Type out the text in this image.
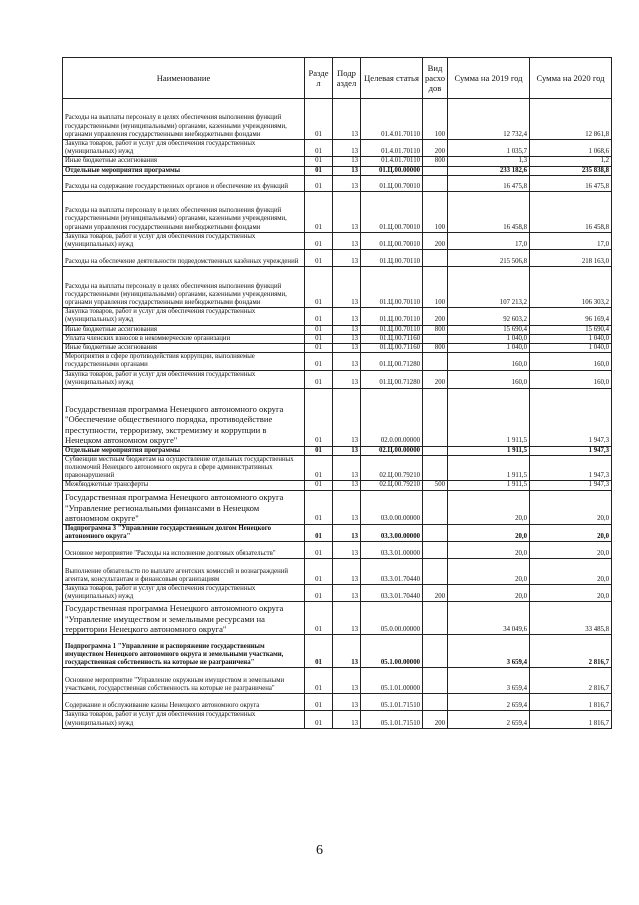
Наименование	Разде л	Подр аздел	Целевая статья	Вид расхо дов	Сумма на 2019 год	Сумма на 2020 год
Расходы на выплаты персоналу в целях обеспечения выполнения функций государственными (муниципальными) органами, казенными учреждениями, органами управления государственными внебюджетными фондами	01	13	01.4.01.70110	100	12 732,4	12 861,8
Закупка товаров, работ и услуг для обеспечения государственных (муниципальных) нужд	01	13	01.4.01.70110	200	1 035,7	1 068,6
Иные бюджетные ассигнования	01	13	01.4.01.70110	800	1,3	1,2
Отдельные мероприятия программы	01	13	01.Ц.00.00000		233 182,6	235 838,8
Расходы на содержание государственных органов и обеспечение их функций	01	13	01.Ц.00.70010		16 475,8	16 475,8
Расходы на выплаты персоналу в целях обеспечения выполнения функций государственными (муниципальными) органами, казенными учреждениями, органами управления государственными внебюджетными фондами	01	13	01.Ц.00.70010	100	16 458,8	16 458,8
Закупка товаров, работ и услуг для обеспечения государственных (муниципальных) нужд	01	13	01.Ц.00.70010	200	17,0	17,0
Расходы на обеспечение деятельности подведомственных казённых учреждений	01	13	01.Ц.00.70110		215 506,8	218 163,0
Расходы на выплаты персоналу в целях обеспечения выполнения функций государственными (муниципальными) органами, казенными учреждениями, органами управления государственными внебюджетными фондами	01	13	01.Ц.00.70110	100	107 213,2	106 303,2
Закупка товаров, работ и услуг для обеспечения государственных (муниципальных) нужд	01	13	01.Ц.00.70110	200	92 603,2	96 169,4
Иные бюджетные ассигнования	01	13	01.Ц.00.70110	800	15 690,4	15 690,4
Уплата членских взносов в некоммерческие организации	01	13	01.Ц.00.71160		1 040,0	1 040,0
Иные бюджетные ассигнования	01	13	01.Ц.00.71160	800	1 040,0	1 040,0
Мероприятия в сфере противодействия коррупции, выполняемые государственными органами	01	13	01.Ц.00.71280		160,0	160,0
Закупка товаров, работ и услуг для обеспечения государственных (муниципальных) нужд	01	13	01.Ц.00.71280	200	160,0	160,0
Государственная программа Ненецкого автономного округа "Обеспечение общественного порядка, противодействие преступности, терроризму, экстремизму и коррупции в Ненецком автономном округе"	01	13	02.0.00.00000		1 911,5	1 947,3
Отдельные мероприятия программы	01	13	02.Ц.00.00000		1 911,5	1 947,3
Субвенции местным бюджетам на осуществление отдельных государственных полномочий Ненецкого автономного округа в сфере административных правонарушений	01	13	02.Ц.00.79210		1 911,5	1 947,3
Межбюджетные трансферты	01	13	02.Ц.00.79210	500	1 911,5	1 947,3
Государственная программа Ненецкого автономного округа "Управление региональными финансами в Ненецком автономном округе"	01	13	03.0.00.00000		20,0	20,0
Подпрограмма 3 "Управление государственным долгом Ненецкого автономного округа"	01	13	03.3.00.00000		20,0	20,0
Основное мероприятие "Расходы на исполнение долговых обязательств"	01	13	03.3.01.00000		20,0	20,0
Выполнение обязательств по выплате агентских комиссий и вознаграждений агентам, консультантам и финансовым организациям	01	13	03.3.01.70440		20,0	20,0
Закупка товаров, работ и услуг для обеспечения государственных (муниципальных) нужд	01	13	03.3.01.70440	200	20,0	20,0
Государственная программа Ненецкого автономного округа "Управление имуществом и земельными ресурсами на территории Ненецкого автономного округа"	01	13	05.0.00.00000		34 049,6	33 485,8
Подпрограмма 1 "Управление и распоряжение государственным имуществом Ненецкого автономного округа и земельными участками, государственная собственность на которые не разграничена"	01	13	05.1.00.00000		3 659,4	2 816,7
Основное мероприятие "Управление окружным имуществом и земельными участками, государственная собственность на которые не разграничена"	01	13	05.1.01.00000		3 659,4	2 816,7
Содержание и обслуживание казны Ненецкого автономного округа	01	13	05.1.01.71510		2 659,4	1 816,7
Закупка товаров, работ и услуг для обеспечения государственных (муниципальных) нужд	01	13	05.1.01.71510	200	2 659,4	1 816,7
6
